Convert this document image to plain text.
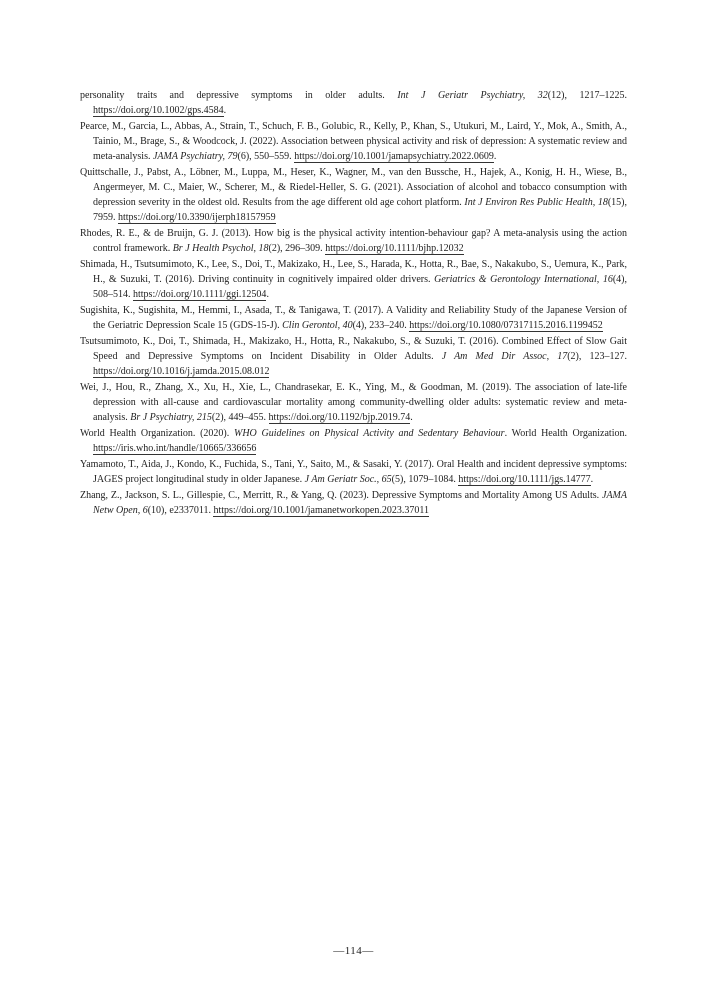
personality traits and depressive symptoms in older adults. Int J Geriatr Psychiatry, 32(12), 1217–1225. https://doi.org/10.1002/gps.4584.

Pearce, M., Garcia, L., Abbas, A., Strain, T., Schuch, F. B., Golubic, R., Kelly, P., Khan, S., Utukuri, M., Laird, Y., Mok, A., Smith, A., Tainio, M., Brage, S., & Woodcock, J. (2022). Association between physical activity and risk of depression: A systematic review and meta-analysis. JAMA Psychiatry, 79(6), 550–559. https://doi.org/10.1001/jamapsychiatry.2022.0609.

Quittschalle, J., Pabst, A., Löbner, M., Luppa, M., Heser, K., Wagner, M., van den Bussche, H., Hajek, A., Konig, H. H., Wiese, B., Angermeyer, M. C., Maier, W., Scherer, M., & Riedel-Heller, S. G. (2021). Association of alcohol and tobacco consumption with depression severity in the oldest old. Results from the age different old age cohort platform. Int J Environ Res Public Health, 18(15), 7959. https://doi.org/10.3390/ijerph18157959

Rhodes, R. E., & de Bruijn, G. J. (2013). How big is the physical activity intention-behaviour gap? A meta-analysis using the action control framework. Br J Health Psychol, 18(2), 296–309. https://doi.org/10.1111/bjhp.12032

Shimada, H., Tsutsumimoto, K., Lee, S., Doi, T., Makizako, H., Lee, S., Harada, K., Hotta, R., Bae, S., Nakakubo, S., Uemura, K., Park, H., & Suzuki, T. (2016). Driving continuity in cognitively impaired older drivers. Geriatrics & Gerontology International, 16(4), 508–514. https://doi.org/10.1111/ggi.12504.

Sugishita, K., Sugishita, M., Hemmi, I., Asada, T., & Tanigawa, T. (2017). A Validity and Reliability Study of the Japanese Version of the Geriatric Depression Scale 15 (GDS-15-J). Clin Gerontol, 40(4), 233–240. https://doi.org/10.1080/07317115.2016.1199452

Tsutsumimoto, K., Doi, T., Shimada, H., Makizako, H., Hotta, R., Nakakubo, S., & Suzuki, T. (2016). Combined Effect of Slow Gait Speed and Depressive Symptoms on Incident Disability in Older Adults. J Am Med Dir Assoc, 17(2), 123–127. https://doi.org/10.1016/j.jamda.2015.08.012

Wei, J., Hou, R., Zhang, X., Xu, H., Xie, L., Chandrasekar, E. K., Ying, M., & Goodman, M. (2019). The association of late-life depression with all-cause and cardiovascular mortality among community-dwelling older adults: systematic review and meta-analysis. Br J Psychiatry, 215(2), 449–455. https://doi.org/10.1192/bjp.2019.74.

World Health Organization. (2020). WHO Guidelines on Physical Activity and Sedentary Behaviour. World Health Organization. https://iris.who.int/handle/10665/336656

Yamamoto, T., Aida, J., Kondo, K., Fuchida, S., Tani, Y., Saito, M., & Sasaki, Y. (2017). Oral Health and incident depressive symptoms: JAGES project longitudinal study in older Japanese. J Am Geriatr Soc., 65(5), 1079–1084. https://doi.org/10.1111/jgs.14777.

Zhang, Z., Jackson, S. L., Gillespie, C., Merritt, R., & Yang, Q. (2023). Depressive Symptoms and Mortality Among US Adults. JAMA Netw Open, 6(10), e2337011. https://doi.org/10.1001/jamanetworkopen.2023.37011

—114—
